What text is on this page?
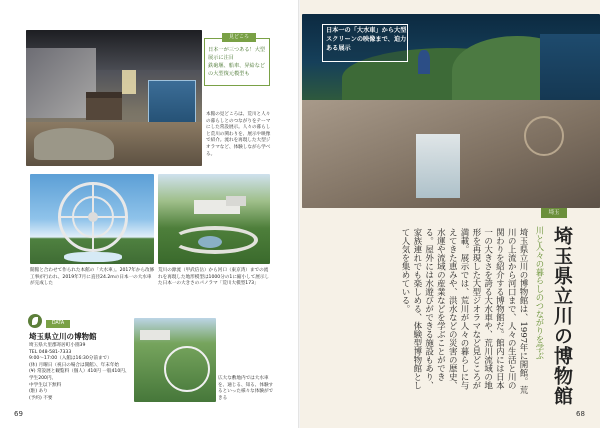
見どころ
日本一が三つある！大型展示に注目
鉄砲堰、船車、昇給などの大型復元模型も
本館の見どころは、荒川と人々の暮らしとのつながりをテーマにした常設展示。人々の暮らしと荒川の関わりを、展示や映像で紹介。流れを再現した大型ジオラマなど、体験しながら学べる。
開館と合わせて作られた本館の「大水車」。2017年から改修工事が行われ、2019年7月に直径24.2mの日本一の大水車が完成した
荒川の源流（甲武信岳）から河口（東京湾）までの流れを再現した地形模型は1000分の1に縮小して展示した日本一の大きさのパノラマ「荒川大模型173」
DATA
埼玉県立川の博物館
埼玉県大里郡寄居町小園39
TEL 048-581-7333
9:00〜17:00（入館は16:30分前まで）
(休) 月曜日（祝日の場合は開館）、年末年始
(¥) 常設展と観覧料（個人）410円 一般410円、学生200円、
中学生以下無料
(駐) あり
(予約) 不要
広大な敷地内では大水車を、通じる、知る、体験するといった様々な体験ができる
69
日本一の「大水車」から大型スクリーンの映像まで、迫力ある展示
埼玉
埼玉県立川の博物館
川と人々の暮らしのつながりを学ぶ
埼玉県立川の博物館は、1997年に開館。荒川の上流から河口まで、人々の生活と川の関わりを紹介する博物館だ。館内には日本一の大きさを誇る大水車や、荒川流域の地形を再現した大型ジオラマなど見どころが満載。展示では、荒川が人々の暮らしに与えてきた恵みや、洪水などの災害の歴史、水運や流域の産業などを学ぶことができる。屋外には水遊びができる施設もあり、家族連れでも楽しめる、体験型博物館として人気を集めている。
68
